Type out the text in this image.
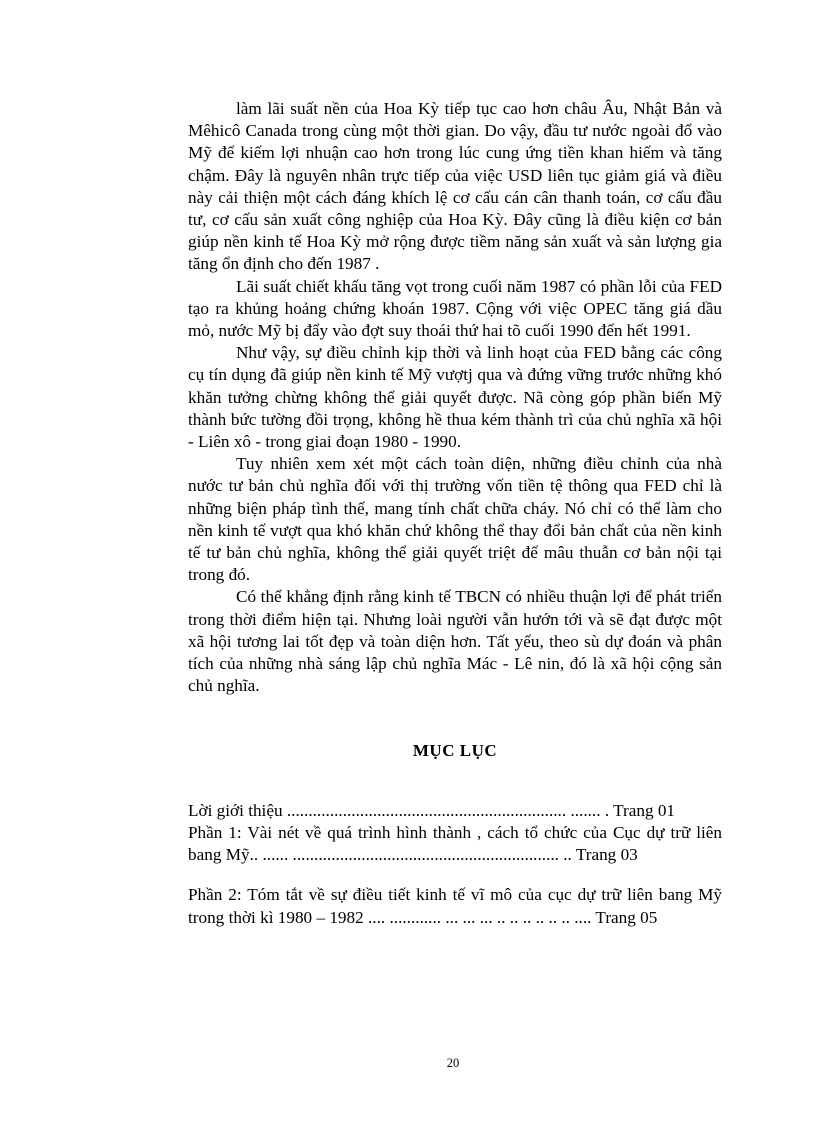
làm lãi suất nền của Hoa Kỳ tiếp tục cao hơn châu Âu, Nhật Bản và Mêhicô Canada trong cùng một thời gian. Do vậy, đầu tư nước ngoài đổ vào Mỹ để kiếm lợi nhuận cao hơn trong lúc cung ứng tiền khan hiếm và tăng chậm. Đây là nguyên nhân trực tiếp của việc USD liên tục giảm giá và điều này cải thiện một cách đáng khích lệ cơ cấu cán cân thanh toán, cơ cấu đầu tư, cơ cấu sản xuất công nghiệp của Hoa Kỳ. Đây cũng là điều kiện cơ bản giúp nền kinh tế Hoa Kỳ mở rộng được tiềm năng sản xuất và sản lượng gia tăng ổn định cho đến 1987 .

Lãi suất chiết khấu tăng vọt trong cuối năm 1987 có phần lỗi của FED tạo ra khủng hoảng chứng khoán 1987. Cộng với việc OPEC tăng giá dầu mỏ, nước Mỹ bị đẩy vào đợt suy thoái thứ hai tõ cuối 1990 đến hết 1991.

Như vậy, sự điều chỉnh kịp thời và linh hoạt của FED bằng các công cụ tín dụng đã giúp nền kinh tế Mỹ vượtj qua và đứng vững trước những khó khăn tưởng chừng không thể giải quyết được. Nã còng góp phần biến Mỹ thành bức tường đồi trọng, không hề thua kém thành trì của chủ nghĩa xã hội - Liên xô - trong giai đoạn 1980 - 1990.

Tuy nhiên xem xét một cách toàn diện, những điều chỉnh của nhà nước tư bản chủ nghĩa đối với thị trường vốn tiền tệ thông qua FED chỉ là những biện pháp tình thế, mang tính chất chữa cháy. Nó chỉ có thể làm cho nền kinh tế vượt qua khó khăn chứ không thể thay đổi bản chất của nền kinh tế tư bản chủ nghĩa, không thể giải quyết triệt để mâu thuẫn cơ bản nội tại trong đó.

Có thể khẳng định rằng kinh tế TBCN có nhiều thuận lợi để phát triển trong thời điểm hiện tại. Nhưng loài người vẫn hướn tới và sẽ đạt được một xã hội tương lai tốt đẹp và toàn diện hơn. Tất yếu, theo sù dự đoán và phân tích của những nhà sáng lập chủ nghĩa Mác - Lê nin, đó là xã hội cộng sản chủ nghĩa.

MỤC LỤC

Lời giới thiệu ................................................................. ....... . Trang 01

Phần 1: Vài nét về quá trình hình thành , cách tổ chức của Cục dự trữ liên bang Mỹ.. ...... .............................................................. .. Trang 03

Phần 2: Tóm tắt về sự điều tiết kinh tế vĩ mô của cục dự trữ liên bang Mỹ trong thời kì 1980 – 1982 .... ............ ... ... ... .. .. .. .. .. .. .... Trang 05

20
